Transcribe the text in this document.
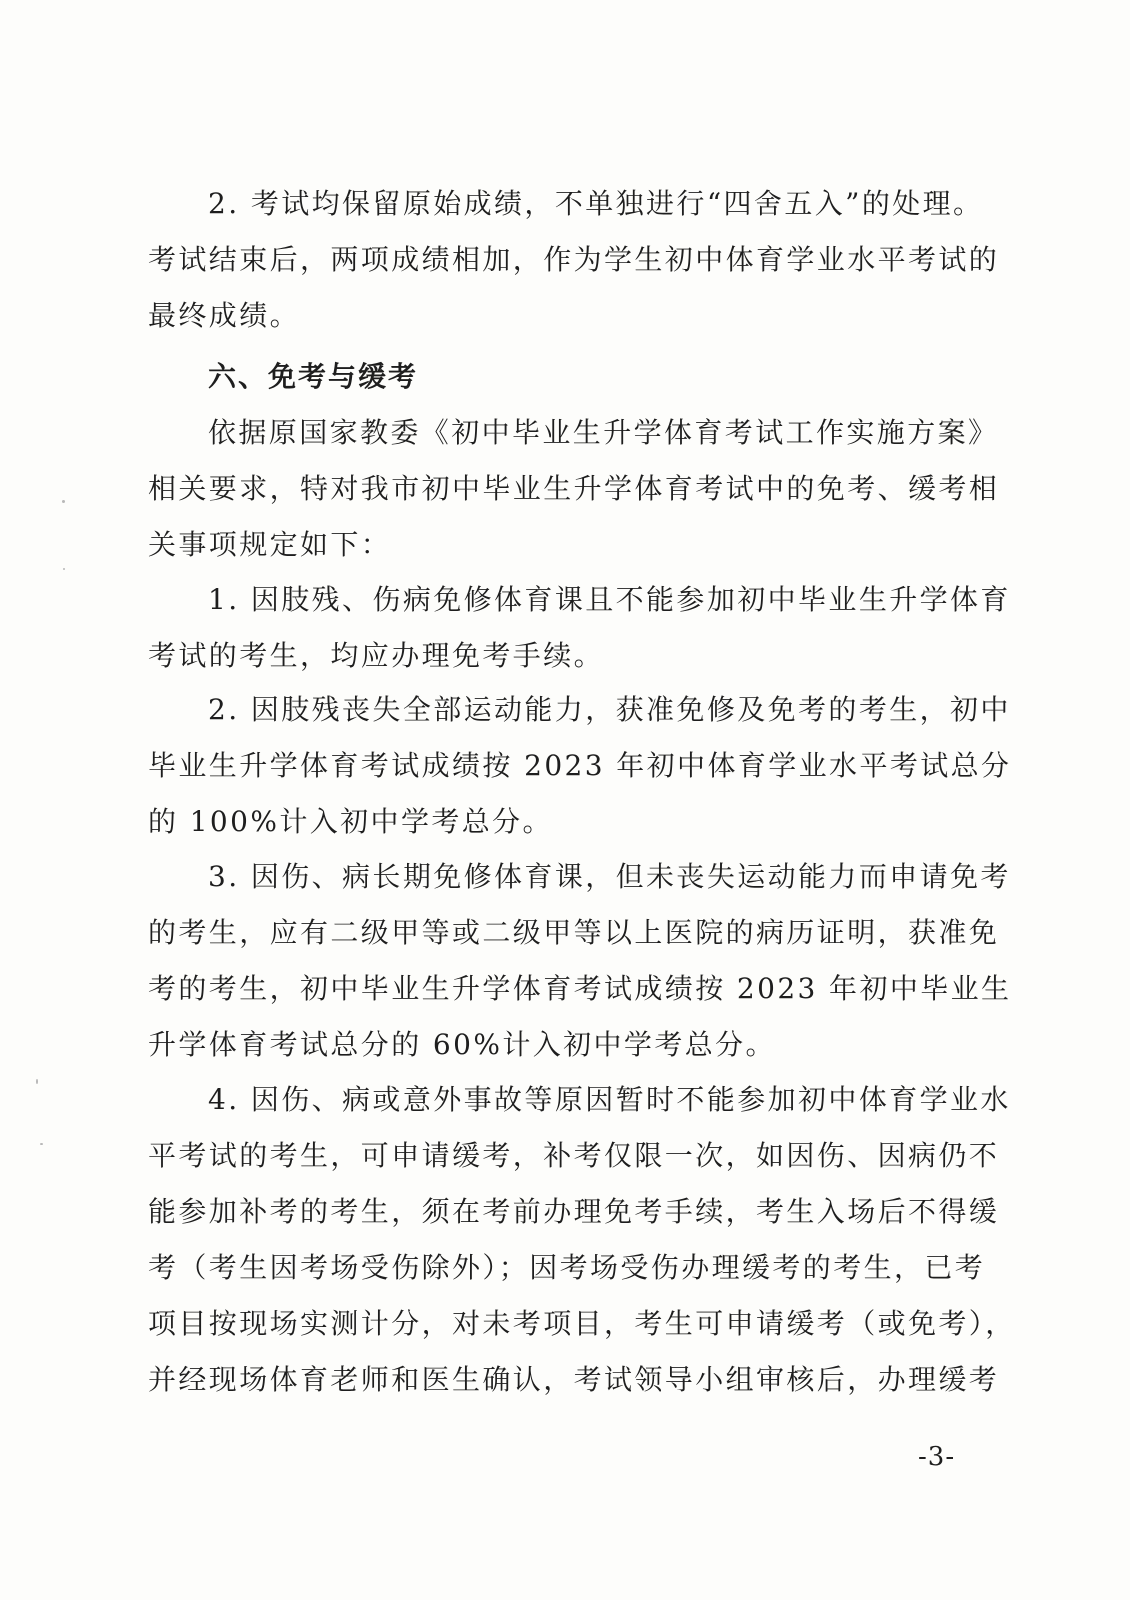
2. 考试均保留原始成绩，不单独进行“四舍五入”的处理。
考试结束后，两项成绩相加，作为学生初中体育学业水平考试的
最终成绩。
六、免考与缓考
依据原国家教委《初中毕业生升学体育考试工作实施方案》
相关要求，特对我市初中毕业生升学体育考试中的免考、缓考相
关事项规定如下：
1. 因肢残、伤病免修体育课且不能参加初中毕业生升学体育
考试的考生，均应办理免考手续。
2. 因肢残丧失全部运动能力，获准免修及免考的考生，初中
毕业生升学体育考试成绩按 2023 年初中体育学业水平考试总分
的 100%计入初中学考总分。
3. 因伤、病长期免修体育课，但未丧失运动能力而申请免考
的考生，应有二级甲等或二级甲等以上医院的病历证明，获准免
考的考生，初中毕业生升学体育考试成绩按 2023 年初中毕业生
升学体育考试总分的 60%计入初中学考总分。
4. 因伤、病或意外事故等原因暂时不能参加初中体育学业水
平考试的考生，可申请缓考，补考仅限一次，如因伤、因病仍不
能参加补考的考生，须在考前办理免考手续，考生入场后不得缓
考（考生因考场受伤除外）；因考场受伤办理缓考的考生，已考
项目按现场实测计分，对未考项目，考生可申请缓考（或免考），
并经现场体育老师和医生确认，考试领导小组审核后，办理缓考
-3-
